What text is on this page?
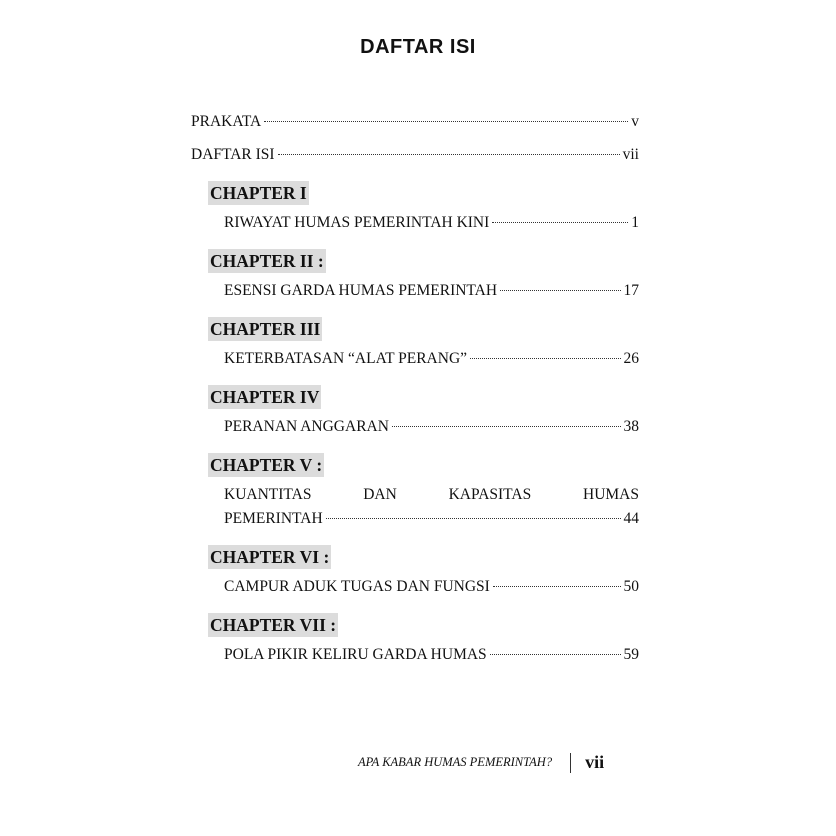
DAFTAR ISI
PRAKATA	v
DAFTAR ISI	vii
CHAPTER I
RIWAYAT HUMAS PEMERINTAH KINI	1
CHAPTER II :
ESENSI GARDA HUMAS PEMERINTAH	17
CHAPTER III
KETERBATASAN “ALAT PERANG”	26
CHAPTER IV
PERANAN ANGGARAN	38
CHAPTER V :
KUANTITAS	DAN	KAPASITAS	HUMAS
PEMERINTAH	44
CHAPTER VI :
CAMPUR ADUK TUGAS DAN FUNGSI	50
CHAPTER VII :
POLA PIKIR KELIRU GARDA HUMAS	59
APA KABAR HUMAS PEMERINTAH? vii
